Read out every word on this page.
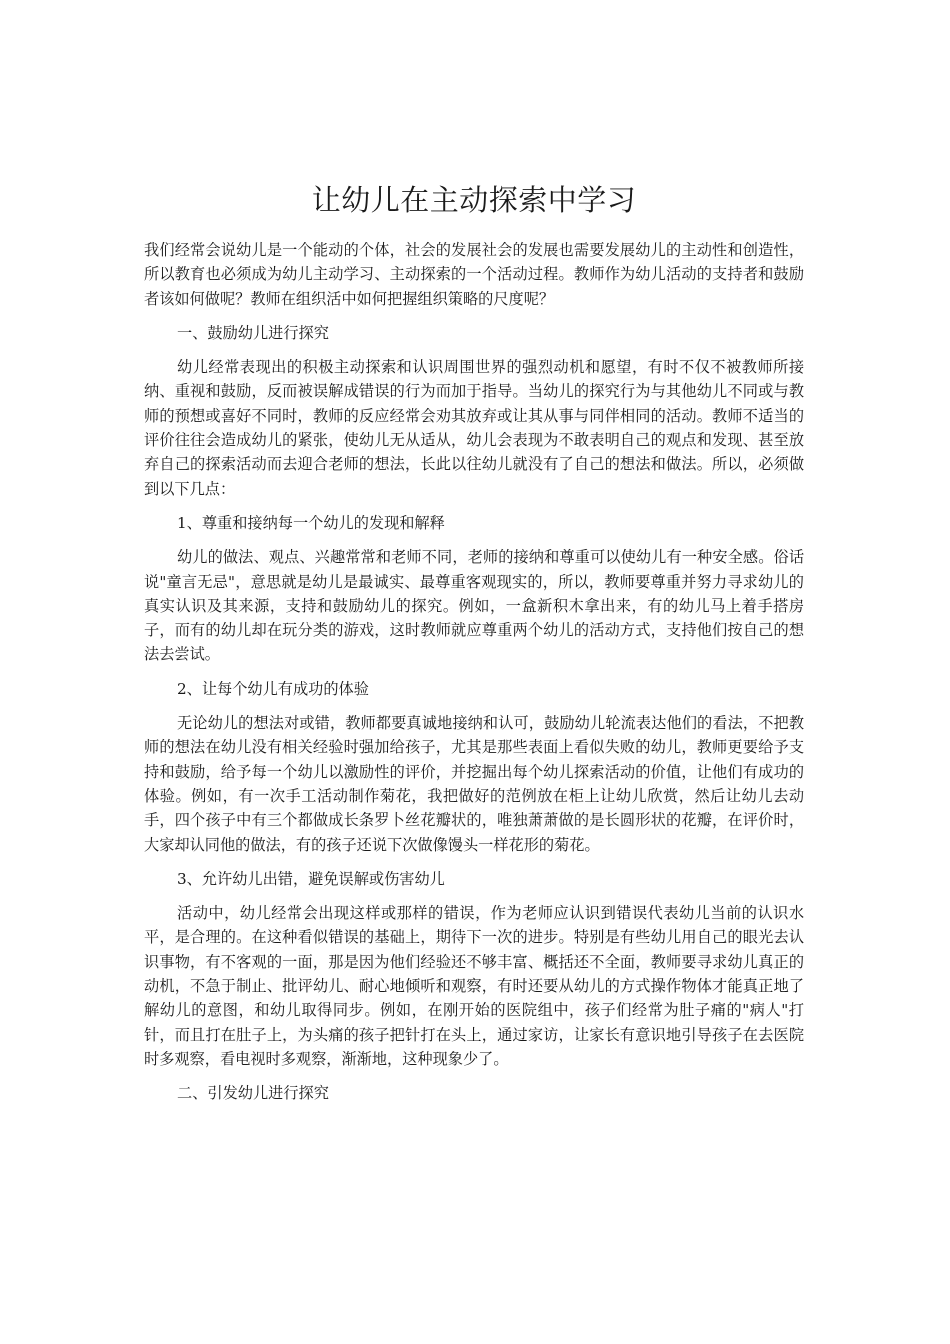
让幼儿在主动探索中学习

我们经常会说幼儿是一个能动的个体，社会的发展社会的发展也需要发展幼儿的主动性和创造性，所以教育也必须成为幼儿主动学习、主动探索的一个活动过程。教师作为幼儿活动的支持者和鼓励者该如何做呢？教师在组织活中如何把握组织策略的尺度呢？

一、鼓励幼儿进行探究

幼儿经常表现出的积极主动探索和认识周围世界的强烈动机和愿望，有时不仅不被教师所接纳、重视和鼓励，反而被误解成错误的行为而加于指导。当幼儿的探究行为与其他幼儿不同或与教师的预想或喜好不同时，教师的反应经常会劝其放弃或让其从事与同伴相同的活动。教师不适当的评价往往会造成幼儿的紧张，使幼儿无从适从，幼儿会表现为不敢表明自己的观点和发现、甚至放弃自己的探索活动而去迎合老师的想法，长此以往幼儿就没有了自己的想法和做法。所以，必须做到以下几点：

1、尊重和接纳每一个幼儿的发现和解释

幼儿的做法、观点、兴趣常常和老师不同，老师的接纳和尊重可以使幼儿有一种安全感。俗话说"童言无忌"，意思就是幼儿是最诚实、最尊重客观现实的，所以，教师要尊重并努力寻求幼儿的真实认识及其来源，支持和鼓励幼儿的探究。例如，一盒新积木拿出来，有的幼儿马上着手搭房子，而有的幼儿却在玩分类的游戏，这时教师就应尊重两个幼儿的活动方式，支持他们按自己的想法去尝试。

2、让每个幼儿有成功的体验

无论幼儿的想法对或错，教师都要真诚地接纳和认可，鼓励幼儿轮流表达他们的看法，不把教师的想法在幼儿没有相关经验时强加给孩子，尤其是那些表面上看似失败的幼儿，教师更要给予支持和鼓励，给予每一个幼儿以激励性的评价，并挖掘出每个幼儿探索活动的价值，让他们有成功的体验。例如，有一次手工活动制作菊花，我把做好的范例放在柜上让幼儿欣赏，然后让幼儿去动手，四个孩子中有三个都做成长条罗卜丝花瓣状的，唯独萧萧做的是长圆形状的花瓣，在评价时，大家却认同他的做法，有的孩子还说下次做像馒头一样花形的菊花。

3、允许幼儿出错，避免误解或伤害幼儿

活动中，幼儿经常会出现这样或那样的错误，作为老师应认识到错误代表幼儿当前的认识水平，是合理的。在这种看似错误的基础上，期待下一次的进步。特别是有些幼儿用自己的眼光去认识事物，有不客观的一面，那是因为他们经验还不够丰富、概括还不全面，教师要寻求幼儿真正的动机，不急于制止、批评幼儿、耐心地倾听和观察，有时还要从幼儿的方式操作物体才能真正地了解幼儿的意图，和幼儿取得同步。例如，在刚开始的医院组中，孩子们经常为肚子痛的"病人"打针，而且打在肚子上，为头痛的孩子把针打在头上，通过家访，让家长有意识地引导孩子在去医院时多观察，看电视时多观察，渐渐地，这种现象少了。

二、引发幼儿进行探究
